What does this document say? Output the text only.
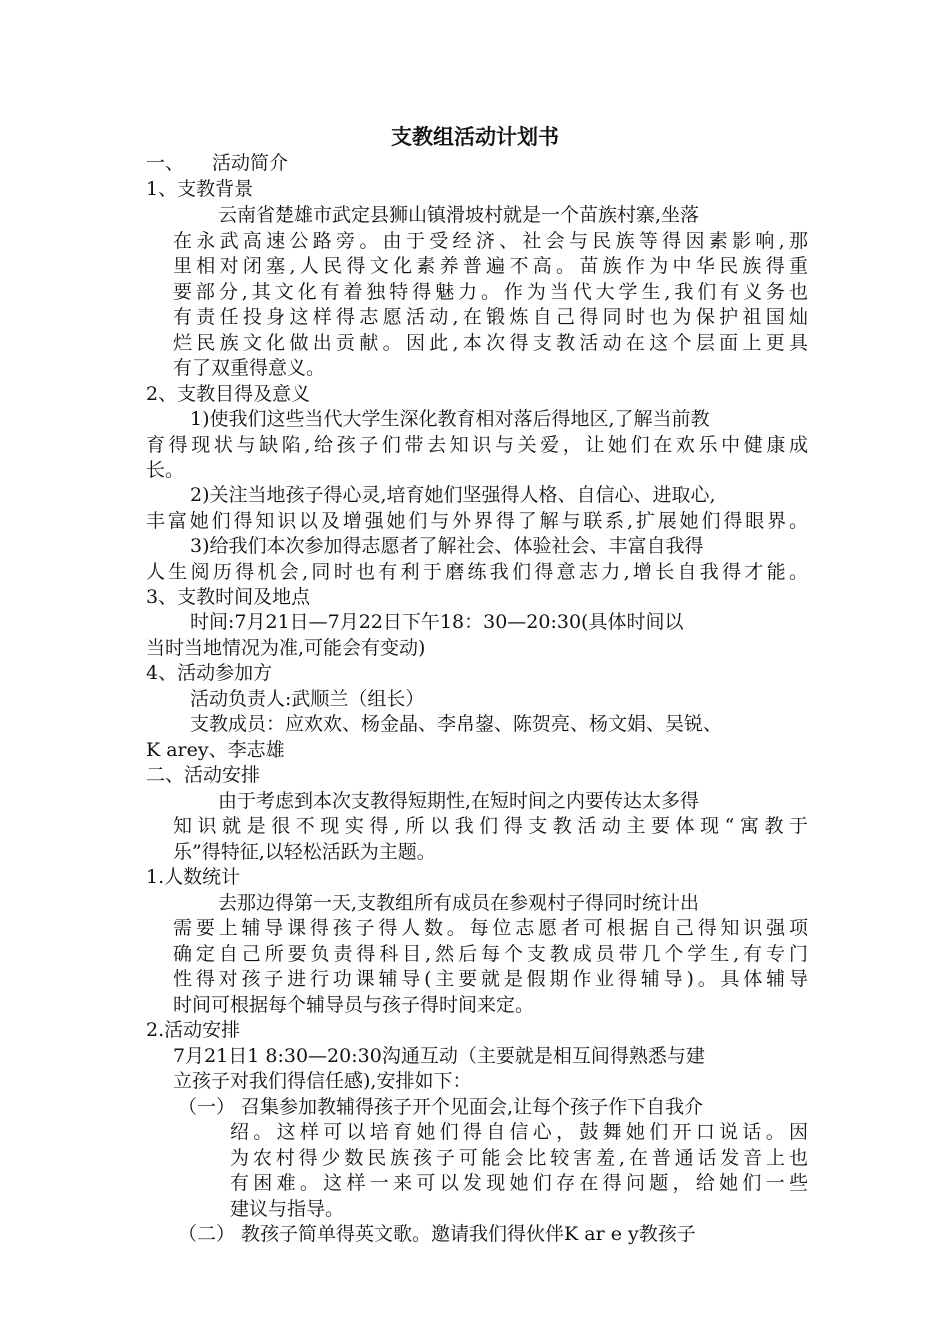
支教组活动计划书
一、 活动简介
1、支教背景
云南省楚雄市武定县狮山镇滑坡村就是一个苗族村寨,坐落
在永武高速公路旁。由于受经济、社会与民族等得因素影响,那
里相对闭塞,人民得文化素养普遍不高。苗族作为中华民族得重
要部分,其文化有着独特得魅力。作为当代大学生,我们有义务也
有责任投身这样得志愿活动,在锻炼自己得同时也为保护祖国灿
烂民族文化做出贡献。因此,本次得支教活动在这个层面上更具
有了双重得意义。
2、支教目得及意义
1)使我们这些当代大学生深化教育相对落后得地区,了解当前教
育得现状与缺陷,给孩子们带去知识与关爱，让她们在欢乐中健康成
长。
2)关注当地孩子得心灵,培育她们坚强得人格、自信心、进取心,
丰富她们得知识以及增强她们与外界得了解与联系,扩展她们得眼界。
3)给我们本次参加得志愿者了解社会、体验社会、丰富自我得
人生阅历得机会,同时也有利于磨练我们得意志力,增长自我得才能。
3、支教时间及地点
时间:7月21日—7月22日下午18：30—20:30(具体时间以
当时当地情况为准,可能会有变动)
4、活动参加方
活动负责人:武顺兰（组长）
支教成员：应欢欢、杨金晶、李帛鋆、陈贺亮、杨文娟、吴锐、
K arey、李志雄
二、活动安排
由于考虑到本次支教得短期性,在短时间之内要传达太多得
知识就是很不现实得,所以我们得支教活动主要体现“寓教于
乐”得特征,以轻松活跃为主题。
1.人数统计
去那边得第一天,支教组所有成员在参观村子得同时统计出
需要上辅导课得孩子得人数。每位志愿者可根据自己得知识强项
确定自己所要负责得科目,然后每个支教成员带几个学生,有专门
性得对孩子进行功课辅导(主要就是假期作业得辅导)。具体辅导
时间可根据每个辅导员与孩子得时间来定。
2.活动安排
7月21日1 8:30—20:30沟通互动（主要就是相互间得熟悉与建
立孩子对我们得信任感),安排如下：
（一） 召集参加教辅得孩子开个见面会,让每个孩子作下自我介
绍。这样可以培育她们得自信心，鼓舞她们开口说话。因
为农村得少数民族孩子可能会比较害羞,在普通话发音上也
有困难。这样一来可以发现她们存在得问题，给她们一些
建议与指导。
（二） 教孩子简单得英文歌。邀请我们得伙伴K ar e y教孩子
